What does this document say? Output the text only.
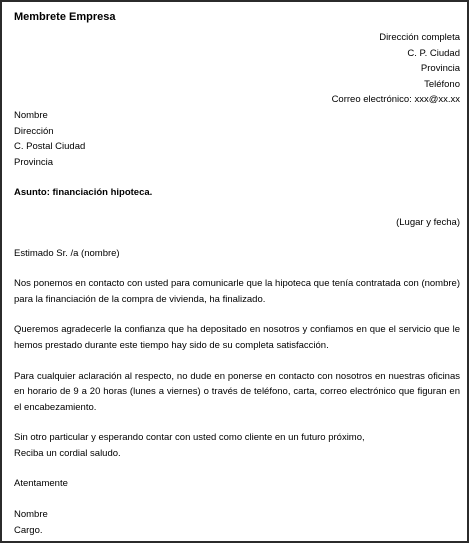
Membrete Empresa
Dirección completa
C. P. Ciudad
Provincia
Teléfono
Correo electrónico: xxx@xx.xx
Nombre
Dirección
C. Postal Ciudad
Provincia
Asunto: financiación hipoteca.
(Lugar y fecha)
Estimado Sr. /a (nombre)
Nos ponemos en contacto con usted para comunicarle que la hipoteca que tenía contratada con (nombre) para la financiación de la compra de vivienda, ha finalizado.
Queremos agradecerle la confianza que ha depositado en nosotros y confiamos en que el servicio que le hemos prestado durante este tiempo hay sido de su completa satisfacción.
Para cualquier aclaración al respecto, no dude en ponerse en contacto con nosotros en nuestras oficinas en horario de 9 a 20 horas (lunes a viernes) o través de teléfono, carta, correo electrónico que figuran en el encabezamiento.
Sin otro particular y esperando contar con usted como cliente en un futuro próximo,
Reciba un cordial saludo.
Atentamente
Nombre
Cargo.
